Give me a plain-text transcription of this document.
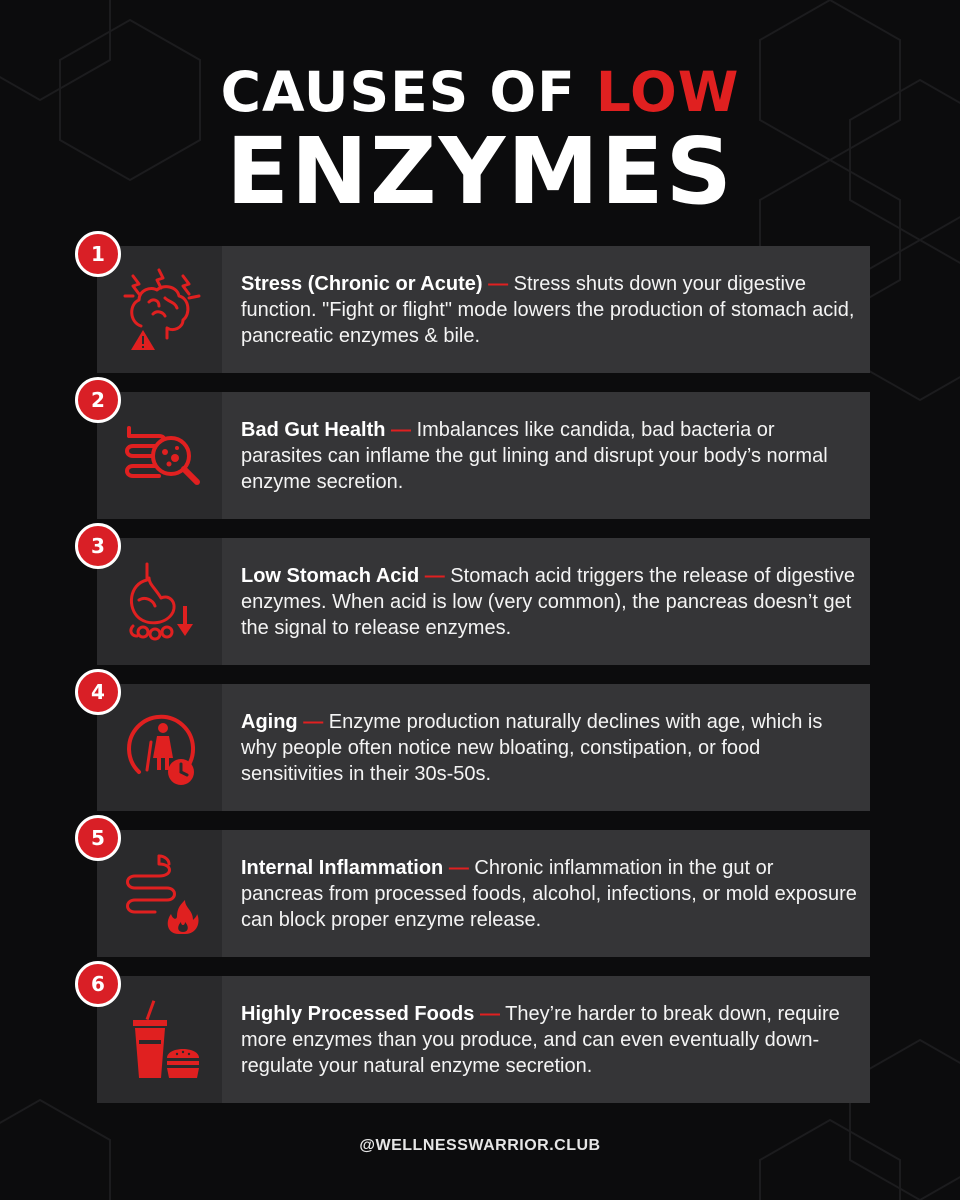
CAUSES OF LOW
ENZYMES
Stress (Chronic or Acute) — Stress shuts down your digestive function. "Fight or flight" mode lowers the production of stomach acid, pancreatic enzymes & bile.
1
Bad Gut Health — Imbalances like candida, bad bacteria or parasites can inflame the gut lining and disrupt your body’s normal enzyme secretion.
2
Low Stomach Acid — Stomach acid triggers the release of digestive enzymes. When acid is low (very common), the pancreas doesn’t get the signal to release enzymes.
3
Aging — Enzyme production naturally declines with age, which is why people often notice new bloating, constipation, or food sensitivities in their 30s-50s.
4
Internal Inflammation — Chronic inflammation in the gut or pancreas from processed foods, alcohol, infections, or mold exposure can block proper enzyme release.
5
Highly Processed Foods — They’re harder to break down, require more enzymes than you produce, and can even eventually down-regulate your natural enzyme secretion.
6
@WELLNESSWARRIOR.CLUB
